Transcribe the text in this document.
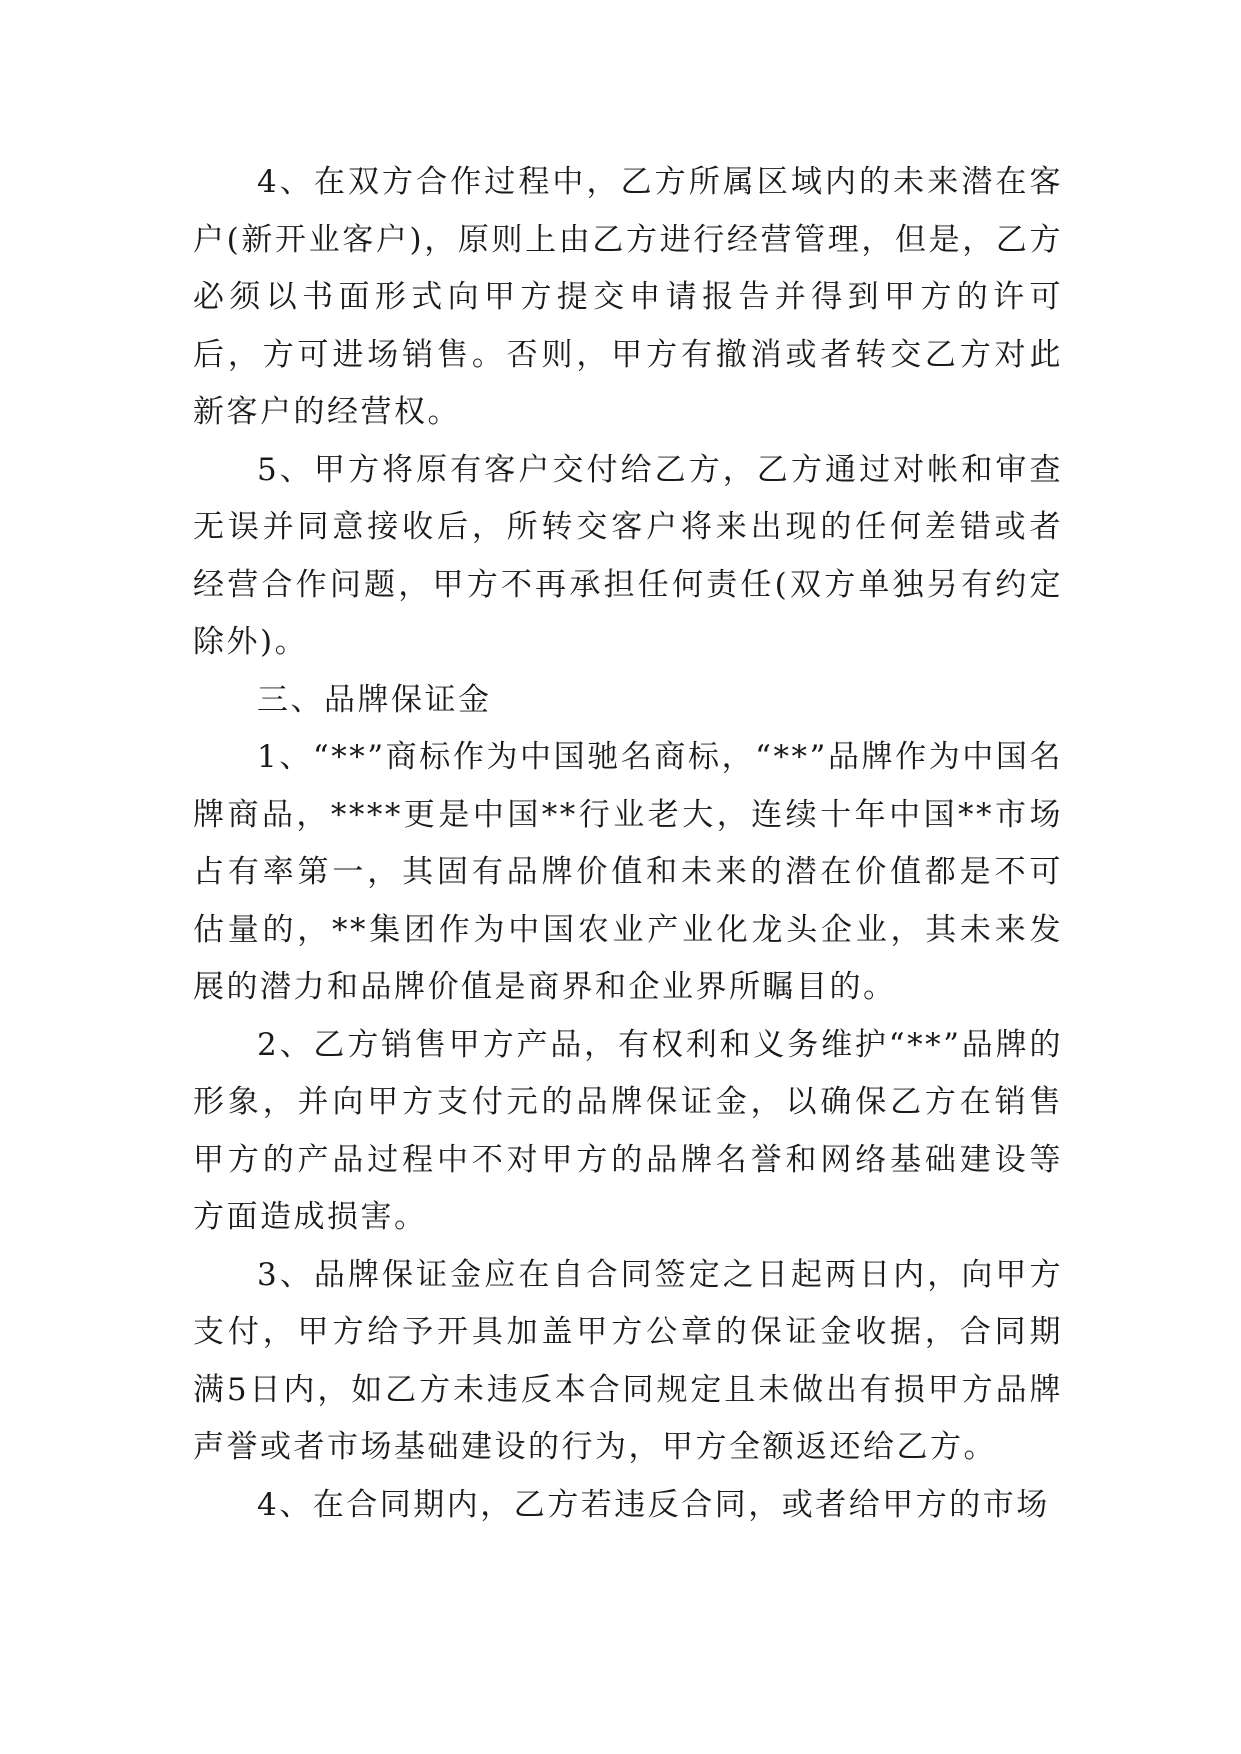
4、在双方合作过程中，乙方所属区域内的未来潜在客户(新开业客户)，原则上由乙方进行经营管理，但是，乙方必须以书面形式向甲方提交申请报告并得到甲方的许可后，方可进场销售。否则，甲方有撤消或者转交乙方对此新客户的经营权。

5、甲方将原有客户交付给乙方，乙方通过对帐和审查无误并同意接收后，所转交客户将来出现的任何差错或者经营合作问题，甲方不再承担任何责任(双方单独另有约定除外)。

三、品牌保证金

1、“**”商标作为中国驰名商标，“**”品牌作为中国名牌商品，****更是中国**行业老大，连续十年中国**市场占有率第一，其固有品牌价值和未来的潜在价值都是不可估量的，**集团作为中国农业产业化龙头企业，其未来发展的潜力和品牌价值是商界和企业界所瞩目的。

2、乙方销售甲方产品，有权利和义务维护“**”品牌的形象，并向甲方支付元的品牌保证金，以确保乙方在销售甲方的产品过程中不对甲方的品牌名誉和网络基础建设等方面造成损害。

3、品牌保证金应在自合同签定之日起两日内，向甲方支付，甲方给予开具加盖甲方公章的保证金收据，合同期满5日内，如乙方未违反本合同规定且未做出有损甲方品牌声誉或者市场基础建设的行为，甲方全额返还给乙方。

4、在合同期内，乙方若违反合同，或者给甲方的市场
